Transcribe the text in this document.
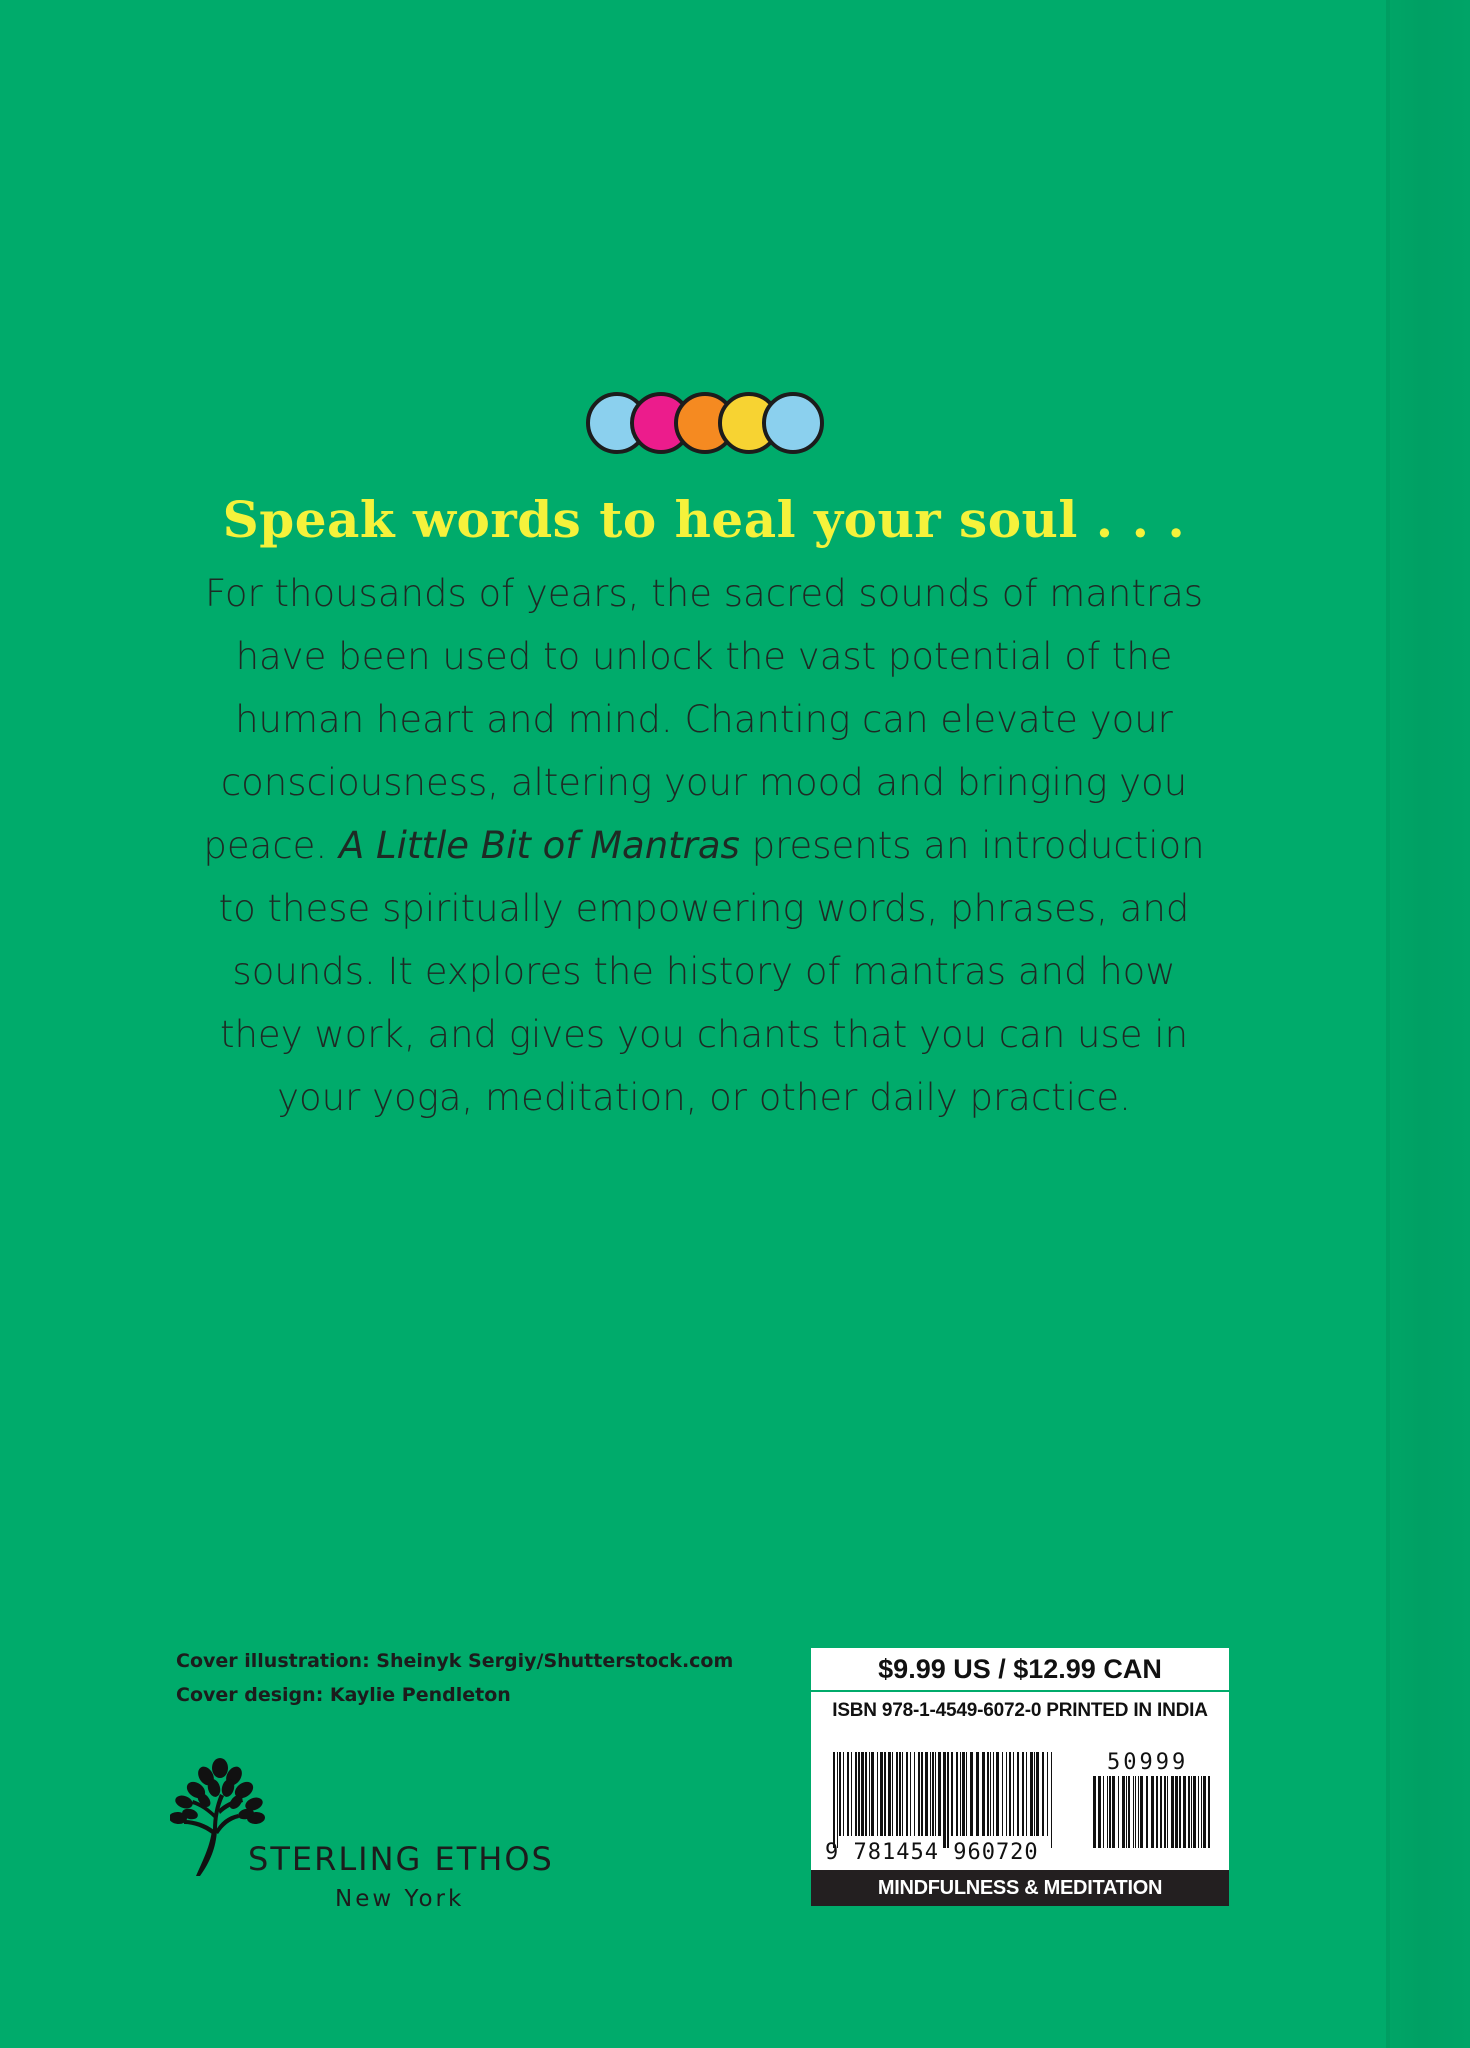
Speak words to heal your soul . . .
For thousands of years, the sacred sounds of mantras
have been used to unlock the vast potential of the
human heart and mind. Chanting can elevate your
consciousness, altering your mood and bringing you
peace. A Little Bit of Mantras presents an introduction
to these spiritually empowering words, phrases, and
sounds. It explores the history of mantras and how
they work, and gives you chants that you can use in
your yoga, meditation, or other daily practice.
Cover illustration: Sheinyk Sergiy/Shutterstock.com
Cover design: Kaylie Pendleton
STERLING ETHOS
New York
$9.99 US / $12.99 CAN
ISBN 978-1-4549-6072-0 PRINTED IN INDIA
9 781454 960720
50999
MINDFULNESS & MEDITATION
